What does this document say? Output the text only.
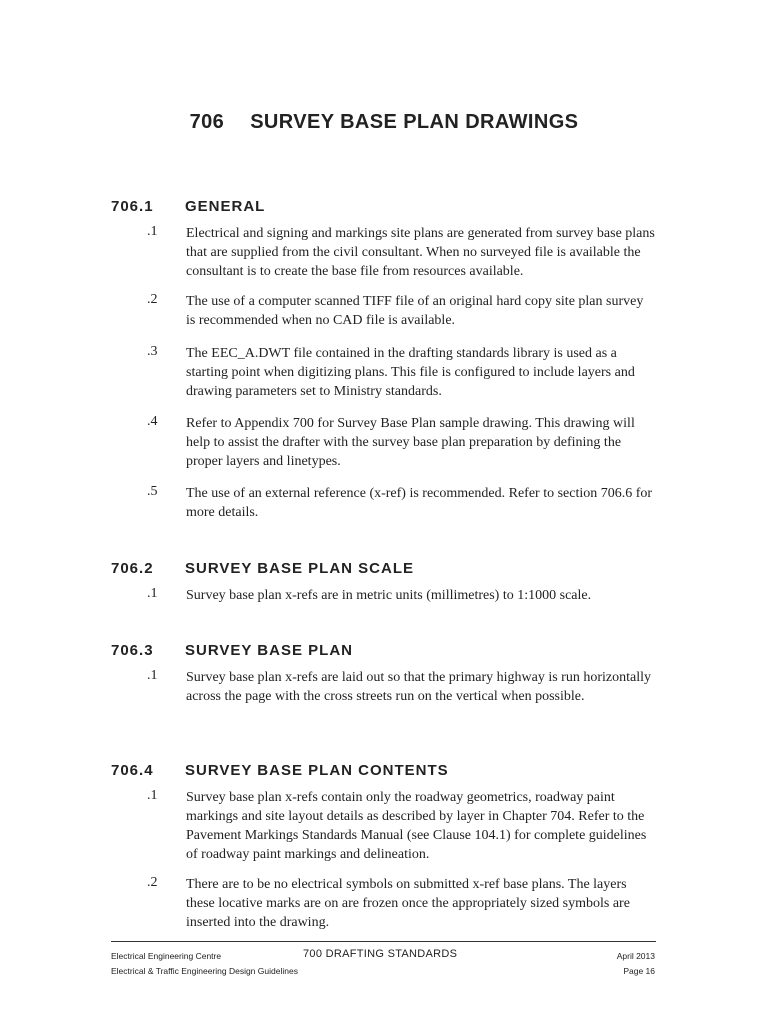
706 SURVEY BASE PLAN DRAWINGS
706.1 GENERAL
.1 Electrical and signing and markings site plans are generated from survey base plans that are supplied from the civil consultant. When no surveyed file is available the consultant is to create the base file from resources available.
.2 The use of a computer scanned TIFF file of an original hard copy site plan survey is recommended when no CAD file is available.
.3 The EEC_A.DWT file contained in the drafting standards library is used as a starting point when digitizing plans. This file is configured to include layers and drawing parameters set to Ministry standards.
.4 Refer to Appendix 700 for Survey Base Plan sample drawing. This drawing will help to assist the drafter with the survey base plan preparation by defining the proper layers and linetypes.
.5 The use of an external reference (x-ref) is recommended. Refer to section 706.6 for more details.
706.2 SURVEY BASE PLAN SCALE
.1 Survey base plan x-refs are in metric units (millimetres) to 1:1000 scale.
706.3 SURVEY BASE PLAN
.1 Survey base plan x-refs are laid out so that the primary highway is run horizontally across the page with the cross streets run on the vertical when possible.
706.4 SURVEY BASE PLAN CONTENTS
.1 Survey base plan x-refs contain only the roadway geometrics, roadway paint markings and site layout details as described by layer in Chapter 704. Refer to the Pavement Markings Standards Manual (see Clause 104.1) for complete guidelines of roadway paint markings and delineation.
.2 There are to be no electrical symbols on submitted x-ref base plans. The layers these locative marks are on are frozen once the appropriately sized symbols are inserted into the drawing.
Electrical Engineering Centre
Electrical & Traffic Engineering Design Guidelines
700 DRAFTING STANDARDS	April 2013
Page 16
